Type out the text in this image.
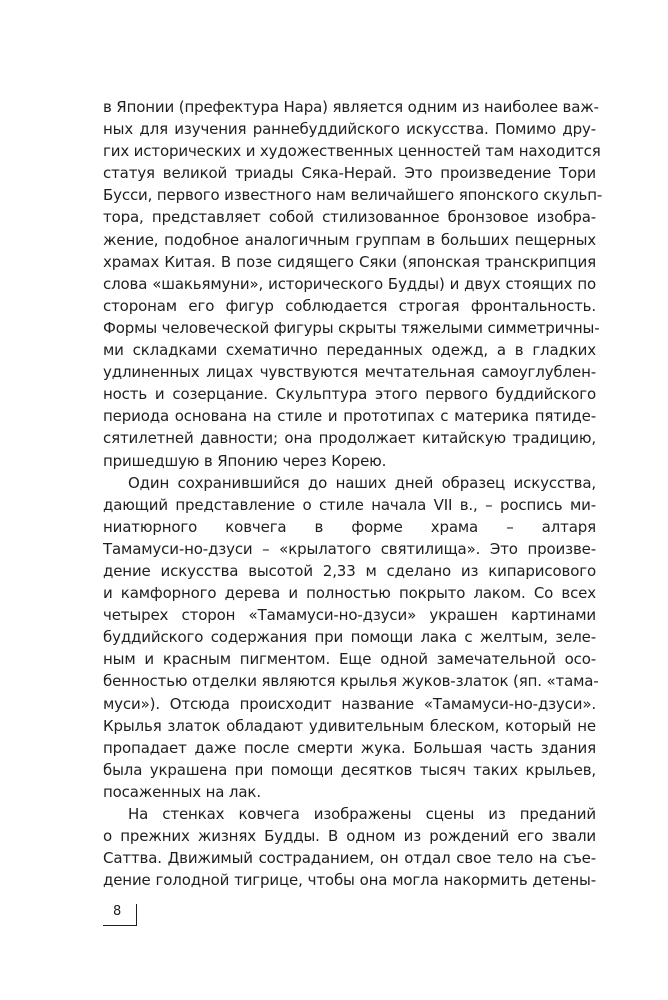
в Японии (префектура Нара) является одним из наиболее важ-
ных для изучения раннебуддийского искусства. Помимо дру-
гих исторических и художественных ценностей там находится
статуя великой триады Сяка-Нерай. Это произведение Тори
Бусси, первого известного нам величайшего японского скульп-
тора, представляет собой стилизованное бронзовое изобра-
жение, подобное аналогичным группам в больших пещерных
храмах Китая. В позе сидящего Сяки (японская транскрипция
слова «шакьямуни», исторического Будды) и двух стоящих по
сторонам его фигур соблюдается строгая фронтальность.
Формы человеческой фигуры скрыты тяжелыми симметричны-
ми складками схематично переданных одежд, а в гладких
удлиненных лицах чувствуются мечтательная самоуглублен-
ность и созерцание. Скульптура этого первого буддийского
периода основана на стиле и прототипах с материка пятиде-
сятилетней давности; она продолжает китайскую традицию,
пришедшую в Японию через Корею.
Один сохранившийся до наших дней образец искусства,
дающий представление о стиле начала VII в., – роспись ми-
ниатюрного ковчега в форме храма – алтаря
Тамамуси-но-дзуси – «крылатого святилища». Это произве-
дение искусства высотой 2,33 м сделано из кипарисового
и камфорного дерева и полностью покрыто лаком. Со всех
четырех сторон «Тамамуси-но-дзуси» украшен картинами
буддийского содержания при помощи лака с желтым, зеле-
ным и красным пигментом. Еще одной замечательной осо-
бенностью отделки являются крылья жуков-златок (яп. «тама-
муси»). Отсюда происходит название «Тамамуси-но-дзуси».
Крылья златок обладают удивительным блеском, который не
пропадает даже после смерти жука. Большая часть здания
была украшена при помощи десятков тысяч таких крыльев,
посаженных на лак.
На стенках ковчега изображены сцены из преданий
о прежних жизнях Будды. В одном из рождений его звали
Саттва. Движимый состраданием, он отдал свое тело на съе-
дение голодной тигрице, чтобы она могла накормить детены-
8
